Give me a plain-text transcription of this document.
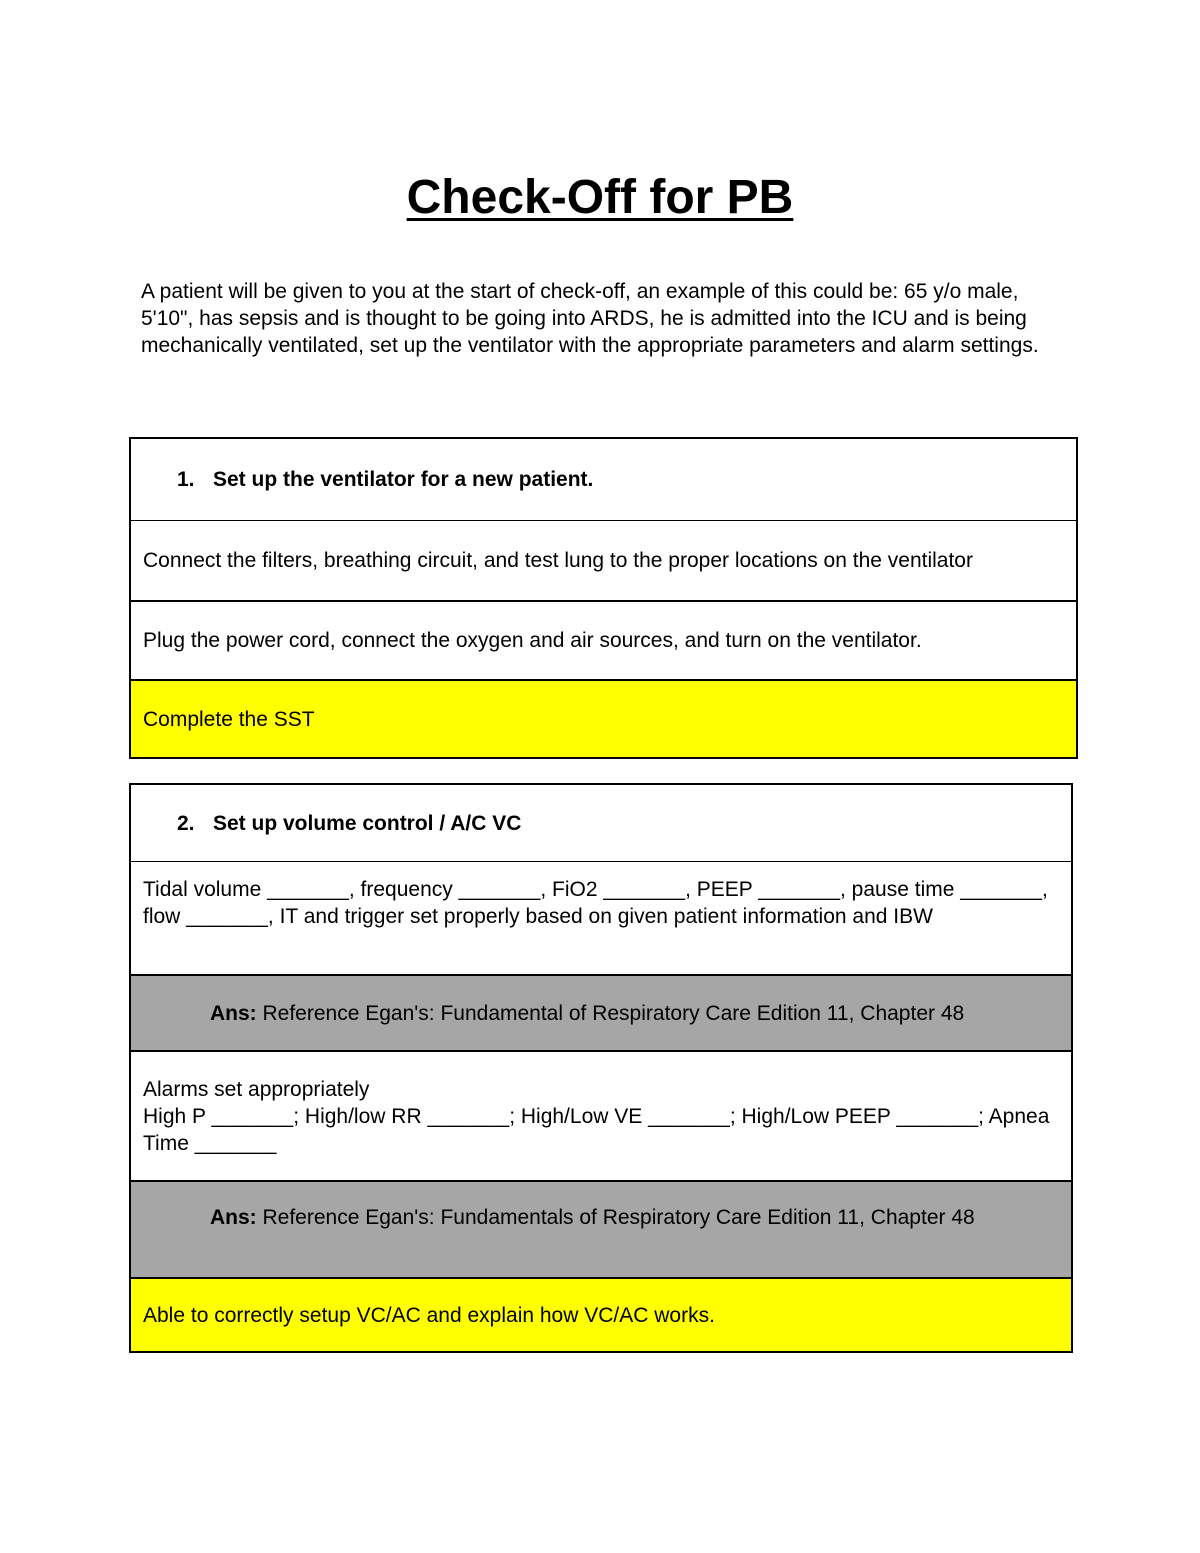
Check-Off for PB

A patient will be given to you at the start of check-off, an example of this could be: 65 y/o male, 5'10", has sepsis and is thought to be going into ARDS, he is admitted into the ICU and is being mechanically ventilated, set up the ventilator with the appropriate parameters and alarm settings.

1. Set up the ventilator for a new patient.
Connect the filters, breathing circuit, and test lung to the proper locations on the ventilator
Plug the power cord, connect the oxygen and air sources, and turn on the ventilator.
Complete the SST
2. Set up volume control / A/C VC
Tidal volume _______, frequency _______, FiO2 _______, PEEP _______, pause time _______, flow _______, IT and trigger set properly based on given patient information and IBW
Ans: Reference Egan's: Fundamental of Respiratory Care Edition 11, Chapter 48
Alarms set appropriately
High P _______; High/low RR _______; High/Low VE _______; High/Low PEEP _______; Apnea Time _______
Ans: Reference Egan's: Fundamentals of Respiratory Care Edition 11, Chapter 48
Able to correctly setup VC/AC and explain how VC/AC works.
